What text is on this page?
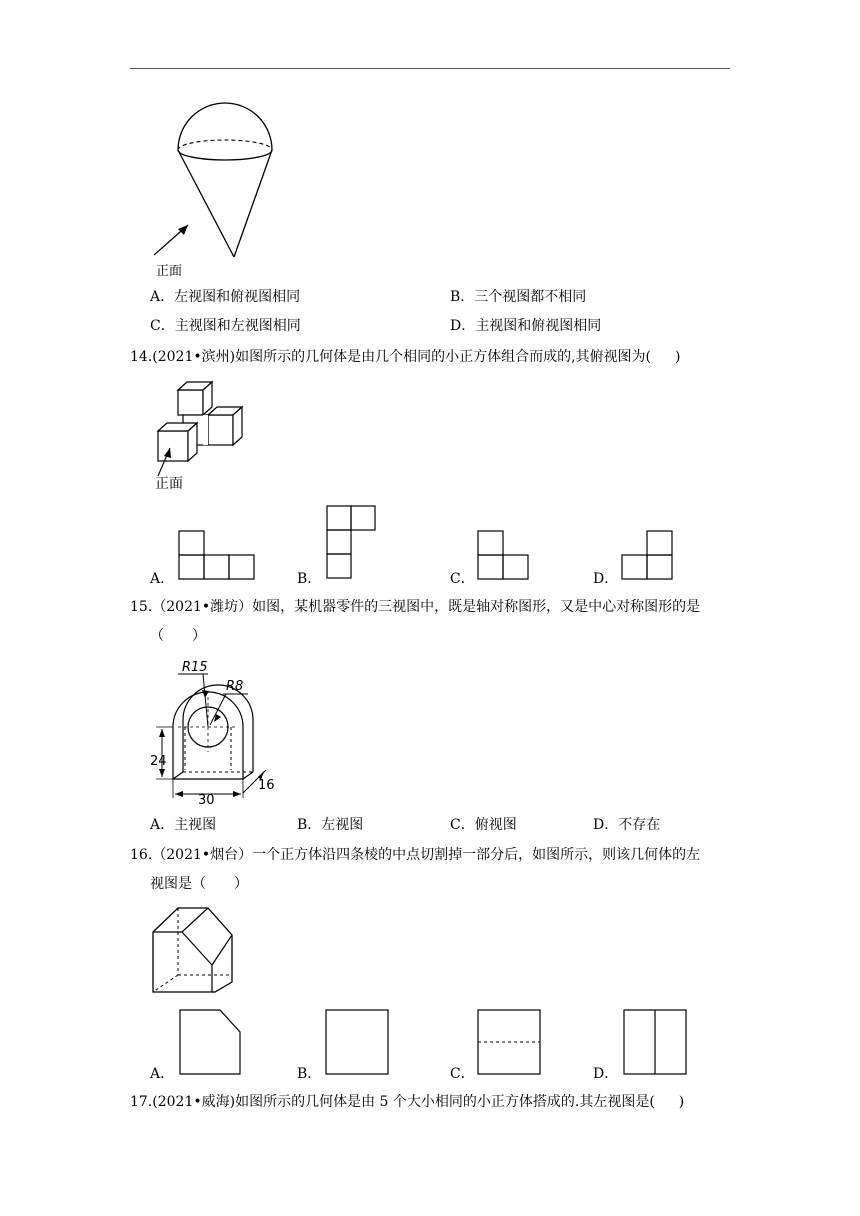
正面
A．左视图和俯视图相同	B．三个视图都不相同
C．主视图和左视图相同	D．主视图和俯视图相同
14.(2021•滨州)如图所示的几何体是由几个相同的小正方体组合而成的,其俯视图为( )
正面
A．	B．	C．	D．
15.（2021•潍坊）如图，某机器零件的三视图中，既是轴对称图形，又是中心对称图形的是
（　　）
R15
R8
24
30
16
A．主视图	B．左视图	C．俯视图	D．不存在
16.（2021•烟台）一个正方体沿四条棱的中点切割掉一部分后，如图所示，则该几何体的左
视图是（　　）
A．	B．	C．	D．
17.(2021•威海)如图所示的几何体是由 5 个大小相同的小正方体搭成的.其左视图是( )
